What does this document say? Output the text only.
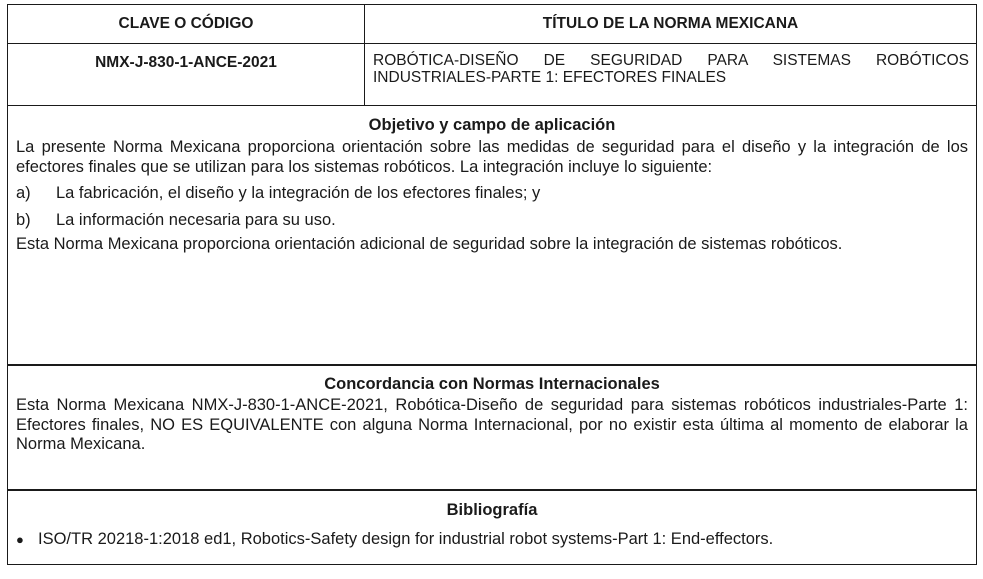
CLAVE O CÓDIGO	TÍTULO DE LA NORMA MEXICANA
NMX-J-830-1-ANCE-2021	ROBÓTICA-DISEÑO DE SEGURIDAD PARA SISTEMAS ROBÓTICOS INDUSTRIALES-PARTE 1: EFECTORES FINALES
Objetivo y campo de aplicación

La presente Norma Mexicana proporciona orientación sobre las medidas de seguridad para el diseño y la integración de los efectores finales que se utilizan para los sistemas robóticos. La integración incluye lo siguiente:

a)	La fabricación, el diseño y la integración de los efectores finales; y
b)	La información necesaria para su uso.

Esta Norma Mexicana proporciona orientación adicional de seguridad sobre la integración de sistemas robóticos.

Concordancia con Normas Internacionales

Esta Norma Mexicana NMX-J-830-1-ANCE-2021, Robótica-Diseño de seguridad para sistemas robóticos industriales-Parte 1: Efectores finales, NO ES EQUIVALENTE con alguna Norma Internacional, por no existir esta última al momento de elaborar la Norma Mexicana.

Bibliografía
● ISO/TR 20218-1:2018 ed1, Robotics-Safety design for industrial robot systems-Part 1: End-effectors.
